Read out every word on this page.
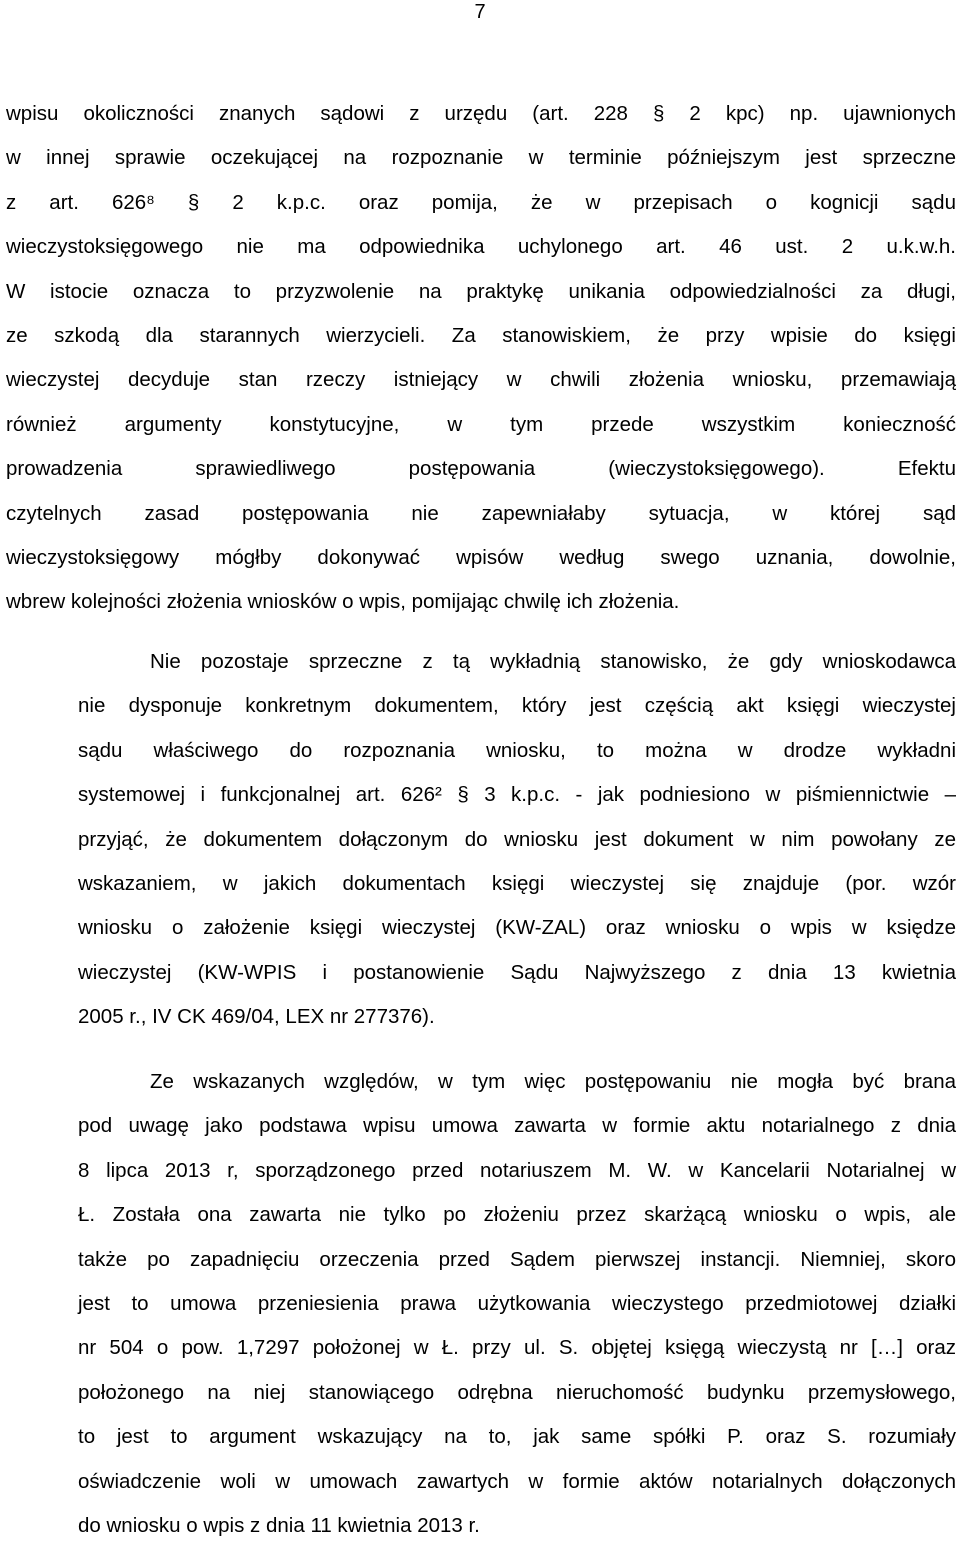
7
wpisu okoliczności znanych sądowi z urzędu (art. 228 § 2 kpc) np. ujawnionych
w innej sprawie oczekującej na rozpoznanie w terminie późniejszym jest sprzeczne
z art. 626⁸ § 2 k.p.c. oraz pomija, że w przepisach o kognicji sądu
wieczystoksięgowego nie ma odpowiednika uchylonego art. 46 ust. 2 u.k.w.h.
W istocie oznacza to przyzwolenie na praktykę unikania odpowiedzialności za długi,
ze szkodą dla starannych wierzycieli. Za stanowiskiem, że przy wpisie do księgi
wieczystej decyduje stan rzeczy istniejący w chwili złożenia wniosku, przemawiają
również argumenty konstytucyjne, w tym przede wszystkim konieczność
prowadzenia sprawiedliwego postępowania (wieczystoksięgowego). Efektu
czytelnych zasad postępowania nie zapewniałaby sytuacja, w której sąd
wieczystoksięgowy mógłby dokonywać wpisów według swego uznania, dowolnie,
wbrew kolejności złożenia wniosków o wpis, pomijając chwilę ich złożenia.
Nie pozostaje sprzeczne z tą wykładnią stanowisko, że gdy wnioskodawca
nie dysponuje konkretnym dokumentem, który jest częścią akt księgi wieczystej
sądu właściwego do rozpoznania wniosku, to można w drodze wykładni
systemowej i funkcjonalnej art. 626² § 3 k.p.c. - jak podniesiono w piśmiennictwie –
przyjąć, że dokumentem dołączonym do wniosku jest dokument w nim powołany ze
wskazaniem, w jakich dokumentach księgi wieczystej się znajduje (por. wzór
wniosku o założenie księgi wieczystej (KW-ZAL) oraz wniosku o wpis w księdze
wieczystej (KW-WPIS i postanowienie Sądu Najwyższego z dnia 13 kwietnia
2005 r., IV CK 469/04, LEX nr 277376).
Ze wskazanych względów, w tym więc postępowaniu nie mogła być brana
pod uwagę jako podstawa wpisu umowa zawarta w formie aktu notarialnego z dnia
8 lipca 2013 r, sporządzonego przed notariuszem M. W. w Kancelarii Notarialnej w
Ł. Została ona zawarta nie tylko po złożeniu przez skarżącą wniosku o wpis, ale
także po zapadnięciu orzeczenia przed Sądem pierwszej instancji. Niemniej, skoro
jest to umowa przeniesienia prawa użytkowania wieczystego przedmiotowej działki
nr 504 o pow. 1,7297 położonej w Ł. przy ul. S. objętej księgą wieczystą nr […] oraz
położonego na niej stanowiącego odrębna nieruchomość budynku przemysłowego,
to jest to argument wskazujący na to, jak same spółki P. oraz S. rozumiały
oświadczenie woli w umowach zawartych w formie aktów notarialnych dołączonych
do wniosku o wpis z dnia 11 kwietnia 2013 r.
